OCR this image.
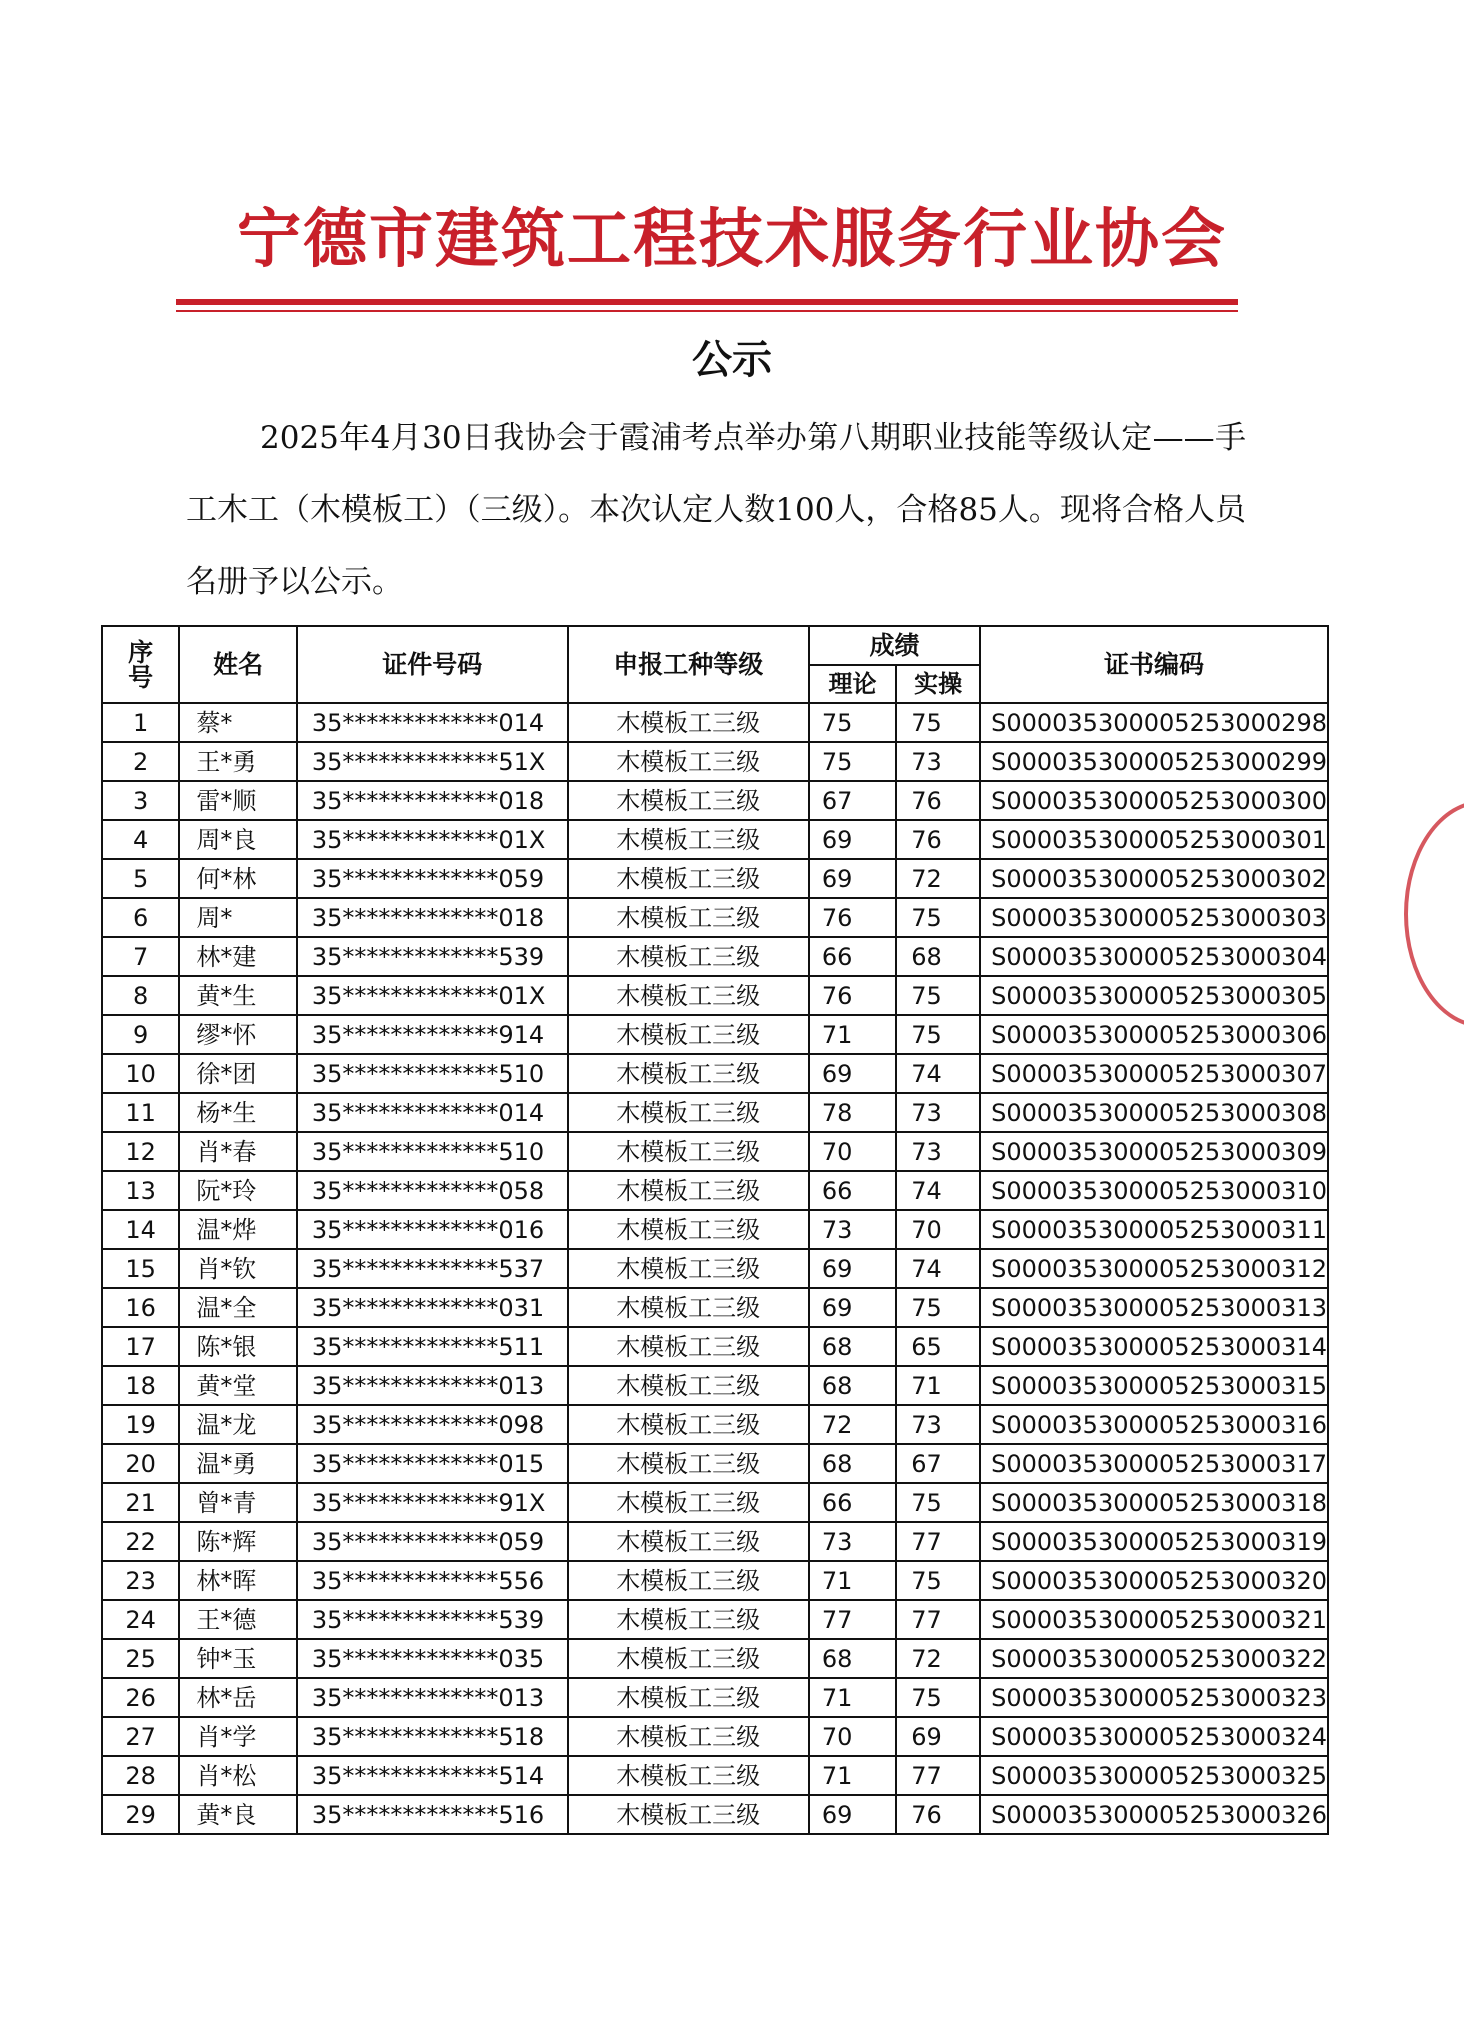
宁德市建筑工程技术服务行业协会
公示
2025年4月30日我协会于霞浦考点举办第八期职业技能等级认定——手工木工（木模板工）（三级）。本次认定人数100人，合格85人。现将合格人员名册予以公示。
序
号	姓名	证件号码	申报工种等级	成绩		证书编码
				理论	实操	
1	蔡*	35*************014	木模板工三级	75	75	S000035300005253000298
2	王*勇	35*************51X	木模板工三级	75	73	S000035300005253000299
3	雷*顺	35*************018	木模板工三级	67	76	S000035300005253000300
4	周*良	35*************01X	木模板工三级	69	76	S000035300005253000301
5	何*林	35*************059	木模板工三级	69	72	S000035300005253000302
6	周*	35*************018	木模板工三级	76	75	S000035300005253000303
7	林*建	35*************539	木模板工三级	66	68	S000035300005253000304
8	黄*生	35*************01X	木模板工三级	76	75	S000035300005253000305
9	缪*怀	35*************914	木模板工三级	71	75	S000035300005253000306
10	徐*团	35*************510	木模板工三级	69	74	S000035300005253000307
11	杨*生	35*************014	木模板工三级	78	73	S000035300005253000308
12	肖*春	35*************510	木模板工三级	70	73	S000035300005253000309
13	阮*玲	35*************058	木模板工三级	66	74	S000035300005253000310
14	温*烨	35*************016	木模板工三级	73	70	S000035300005253000311
15	肖*钦	35*************537	木模板工三级	69	74	S000035300005253000312
16	温*全	35*************031	木模板工三级	69	75	S000035300005253000313
17	陈*银	35*************511	木模板工三级	68	65	S000035300005253000314
18	黄*堂	35*************013	木模板工三级	68	71	S000035300005253000315
19	温*龙	35*************098	木模板工三级	72	73	S000035300005253000316
20	温*勇	35*************015	木模板工三级	68	67	S000035300005253000317
21	曾*青	35*************91X	木模板工三级	66	75	S000035300005253000318
22	陈*辉	35*************059	木模板工三级	73	77	S000035300005253000319
23	林*晖	35*************556	木模板工三级	71	75	S000035300005253000320
24	王*德	35*************539	木模板工三级	77	77	S000035300005253000321
25	钟*玉	35*************035	木模板工三级	68	72	S000035300005253000322
26	林*岳	35*************013	木模板工三级	71	75	S000035300005253000323
27	肖*学	35*************518	木模板工三级	70	69	S000035300005253000324
28	肖*松	35*************514	木模板工三级	71	77	S000035300005253000325
29	黄*良	35*************516	木模板工三级	69	76	S000035300005253000326
